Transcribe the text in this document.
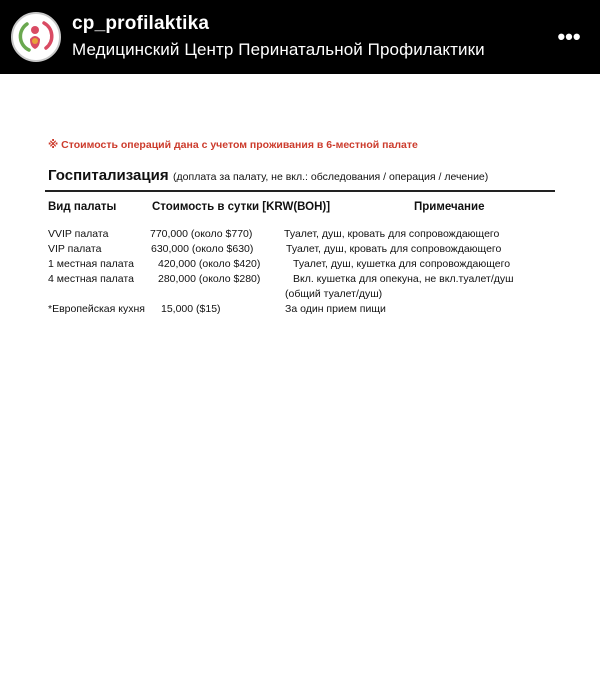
cp_profilaktika
Медицинский Центр Перинатальной Профилактики
•••
※ Стоимость операций дана с учетом проживания в 6-местной палате
Госпитализация (доплата за палату, не вкл.: обследования / операция / лечение)
Вид палаты	Стоимость в сутки [KRW(ВОН)]	Примечание
VVIP палата	770,000 (около $770)	Туалет, душ, кровать для сопровождающего
VIP палата	630,000 (около $630)	Туалет, душ, кровать для сопровождающего
1 местная палата 420,000 (около $420)	Туалет, душ, кушетка для сопровождающего
4 местная палата 280,000 (около $280)	Вкл. кушетка для опекуна, не вкл.туалет/душ
(общий туалет/душ)
*Европейская кухня 15,000 ($15)	За один прием пищи
